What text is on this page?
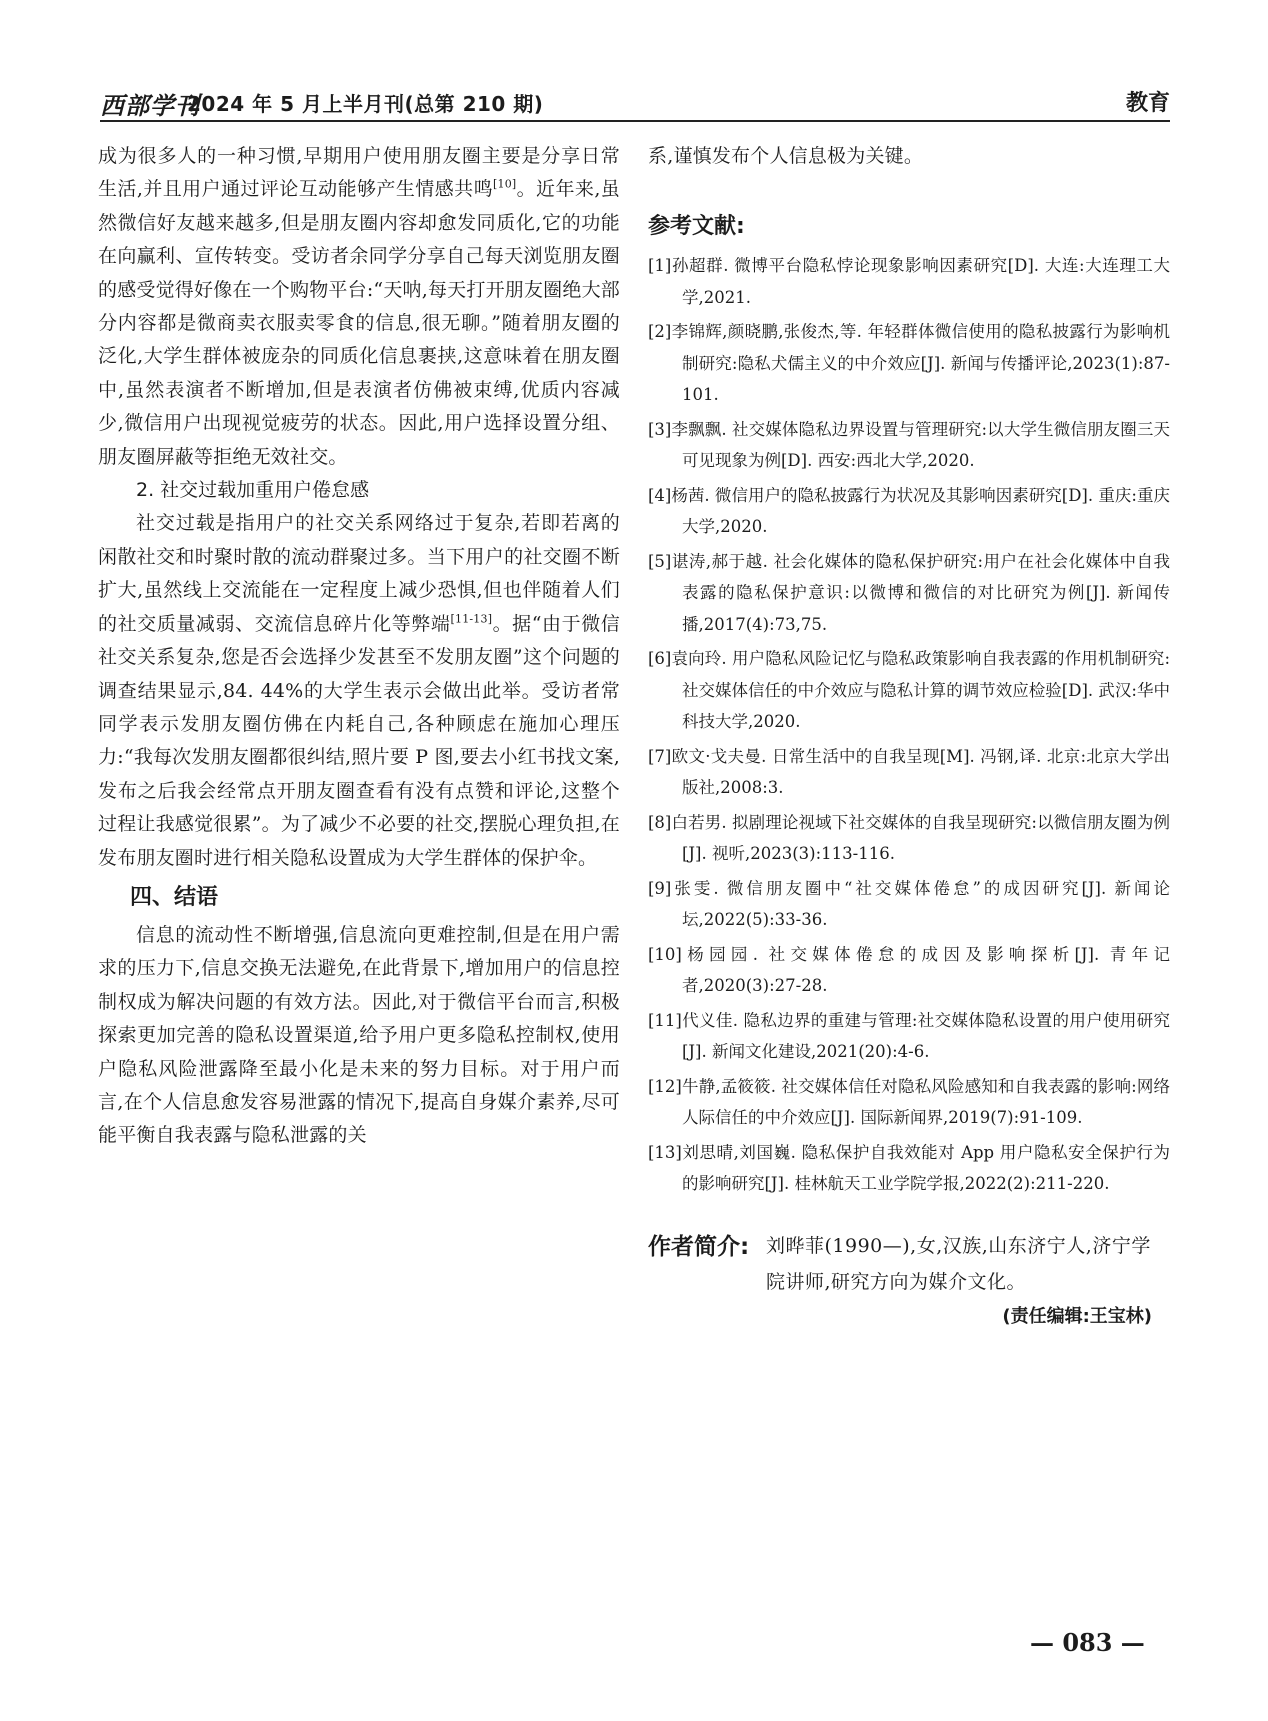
西部学刊
2024 年 5 月上半月刊(总第 210 期)	教育

成为很多人的一种习惯,早期用户使用朋友圈主要是分享日常生活,并且用户通过评论互动能够产生情感共鸣[10]。近年来,虽然微信好友越来越多,但是朋友圈内容却愈发同质化,它的功能在向赢利、宣传转变。受访者余同学分享自己每天浏览朋友圈的感受觉得好像在一个购物平台:“天呐,每天打开朋友圈绝大部分内容都是微商卖衣服卖零食的信息,很无聊。”随着朋友圈的泛化,大学生群体被庞杂的同质化信息裹挟,这意味着在朋友圈中,虽然表演者不断增加,但是表演者仿佛被束缚,优质内容减少,微信用户出现视觉疲劳的状态。因此,用户选择设置分组、朋友圈屏蔽等拒绝无效社交。

2. 社交过载加重用户倦怠感

社交过载是指用户的社交关系网络过于复杂,若即若离的闲散社交和时聚时散的流动群聚过多。当下用户的社交圈不断扩大,虽然线上交流能在一定程度上减少恐惧,但也伴随着人们的社交质量减弱、交流信息碎片化等弊端[11-13]。据“由于微信社交关系复杂,您是否会选择少发甚至不发朋友圈”这个问题的调查结果显示,84. 44%的大学生表示会做出此举。受访者常同学表示发朋友圈仿佛在内耗自己,各种顾虑在施加心理压力:“我每次发朋友圈都很纠结,照片要 P 图,要去小红书找文案,发布之后我会经常点开朋友圈查看有没有点赞和评论,这整个过程让我感觉很累”。为了减少不必要的社交,摆脱心理负担,在发布朋友圈时进行相关隐私设置成为大学生群体的保护伞。

四、结语

信息的流动性不断增强,信息流向更难控制,但是在用户需求的压力下,信息交换无法避免,在此背景下,增加用户的信息控制权成为解决问题的有效方法。因此,对于微信平台而言,积极探索更加完善的隐私设置渠道,给予用户更多隐私控制权,使用户隐私风险泄露降至最小化是未来的努力目标。对于用户而言,在个人信息愈发容易泄露的情况下,提高自身媒介素养,尽可能平衡自我表露与隐私泄露的关

系,谨慎发布个人信息极为关键。

参考文献:

[1]孙超群. 微博平台隐私悖论现象影响因素研究[D]. 大连:大连理工大学,2021.

[2]李锦辉,颜晓鹏,张俊杰,等. 年轻群体微信使用的隐私披露行为影响机制研究:隐私犬儒主义的中介效应[J]. 新闻与传播评论,2023(1):87-101.

[3]李飘飘. 社交媒体隐私边界设置与管理研究:以大学生微信朋友圈三天可见现象为例[D]. 西安:西北大学,2020.

[4]杨茜. 微信用户的隐私披露行为状况及其影响因素研究[D]. 重庆:重庆大学,2020.

[5]谌涛,郝于越. 社会化媒体的隐私保护研究:用户在社会化媒体中自我表露的隐私保护意识:以微博和微信的对比研究为例[J]. 新闻传播,2017(4):73,75.

[6]袁向玲. 用户隐私风险记忆与隐私政策影响自我表露的作用机制研究:社交媒体信任的中介效应与隐私计算的调节效应检验[D]. 武汉:华中科技大学,2020.

[7]欧文·戈夫曼. 日常生活中的自我呈现[M]. 冯钢,译. 北京:北京大学出版社,2008:3.

[8]白若男. 拟剧理论视域下社交媒体的自我呈现研究:以微信朋友圈为例[J]. 视听,2023(3):113-116.

[9]张雯. 微信朋友圈中“社交媒体倦怠”的成因研究[J]. 新闻论坛,2022(5):33-36.

[10]杨园园. 社交媒体倦怠的成因及影响探析[J]. 青年记者,2020(3):27-28.

[11]代义佳. 隐私边界的重建与管理:社交媒体隐私设置的用户使用研究[J]. 新闻文化建设,2021(20):4-6.

[12]牛静,孟筱筱. 社交媒体信任对隐私风险感知和自我表露的影响:网络人际信任的中介效应[J]. 国际新闻界,2019(7):91-109.

[13]刘思晴,刘国巍. 隐私保护自我效能对 App 用户隐私安全保护行为的影响研究[J]. 桂林航天工业学院学报,2022(2):211-220.

作者简介: 刘晔菲(1990—),女,汉族,山东济宁人,济宁学院讲师,研究方向为媒介文化。
(责任编辑:王宝林)
— 083 —
